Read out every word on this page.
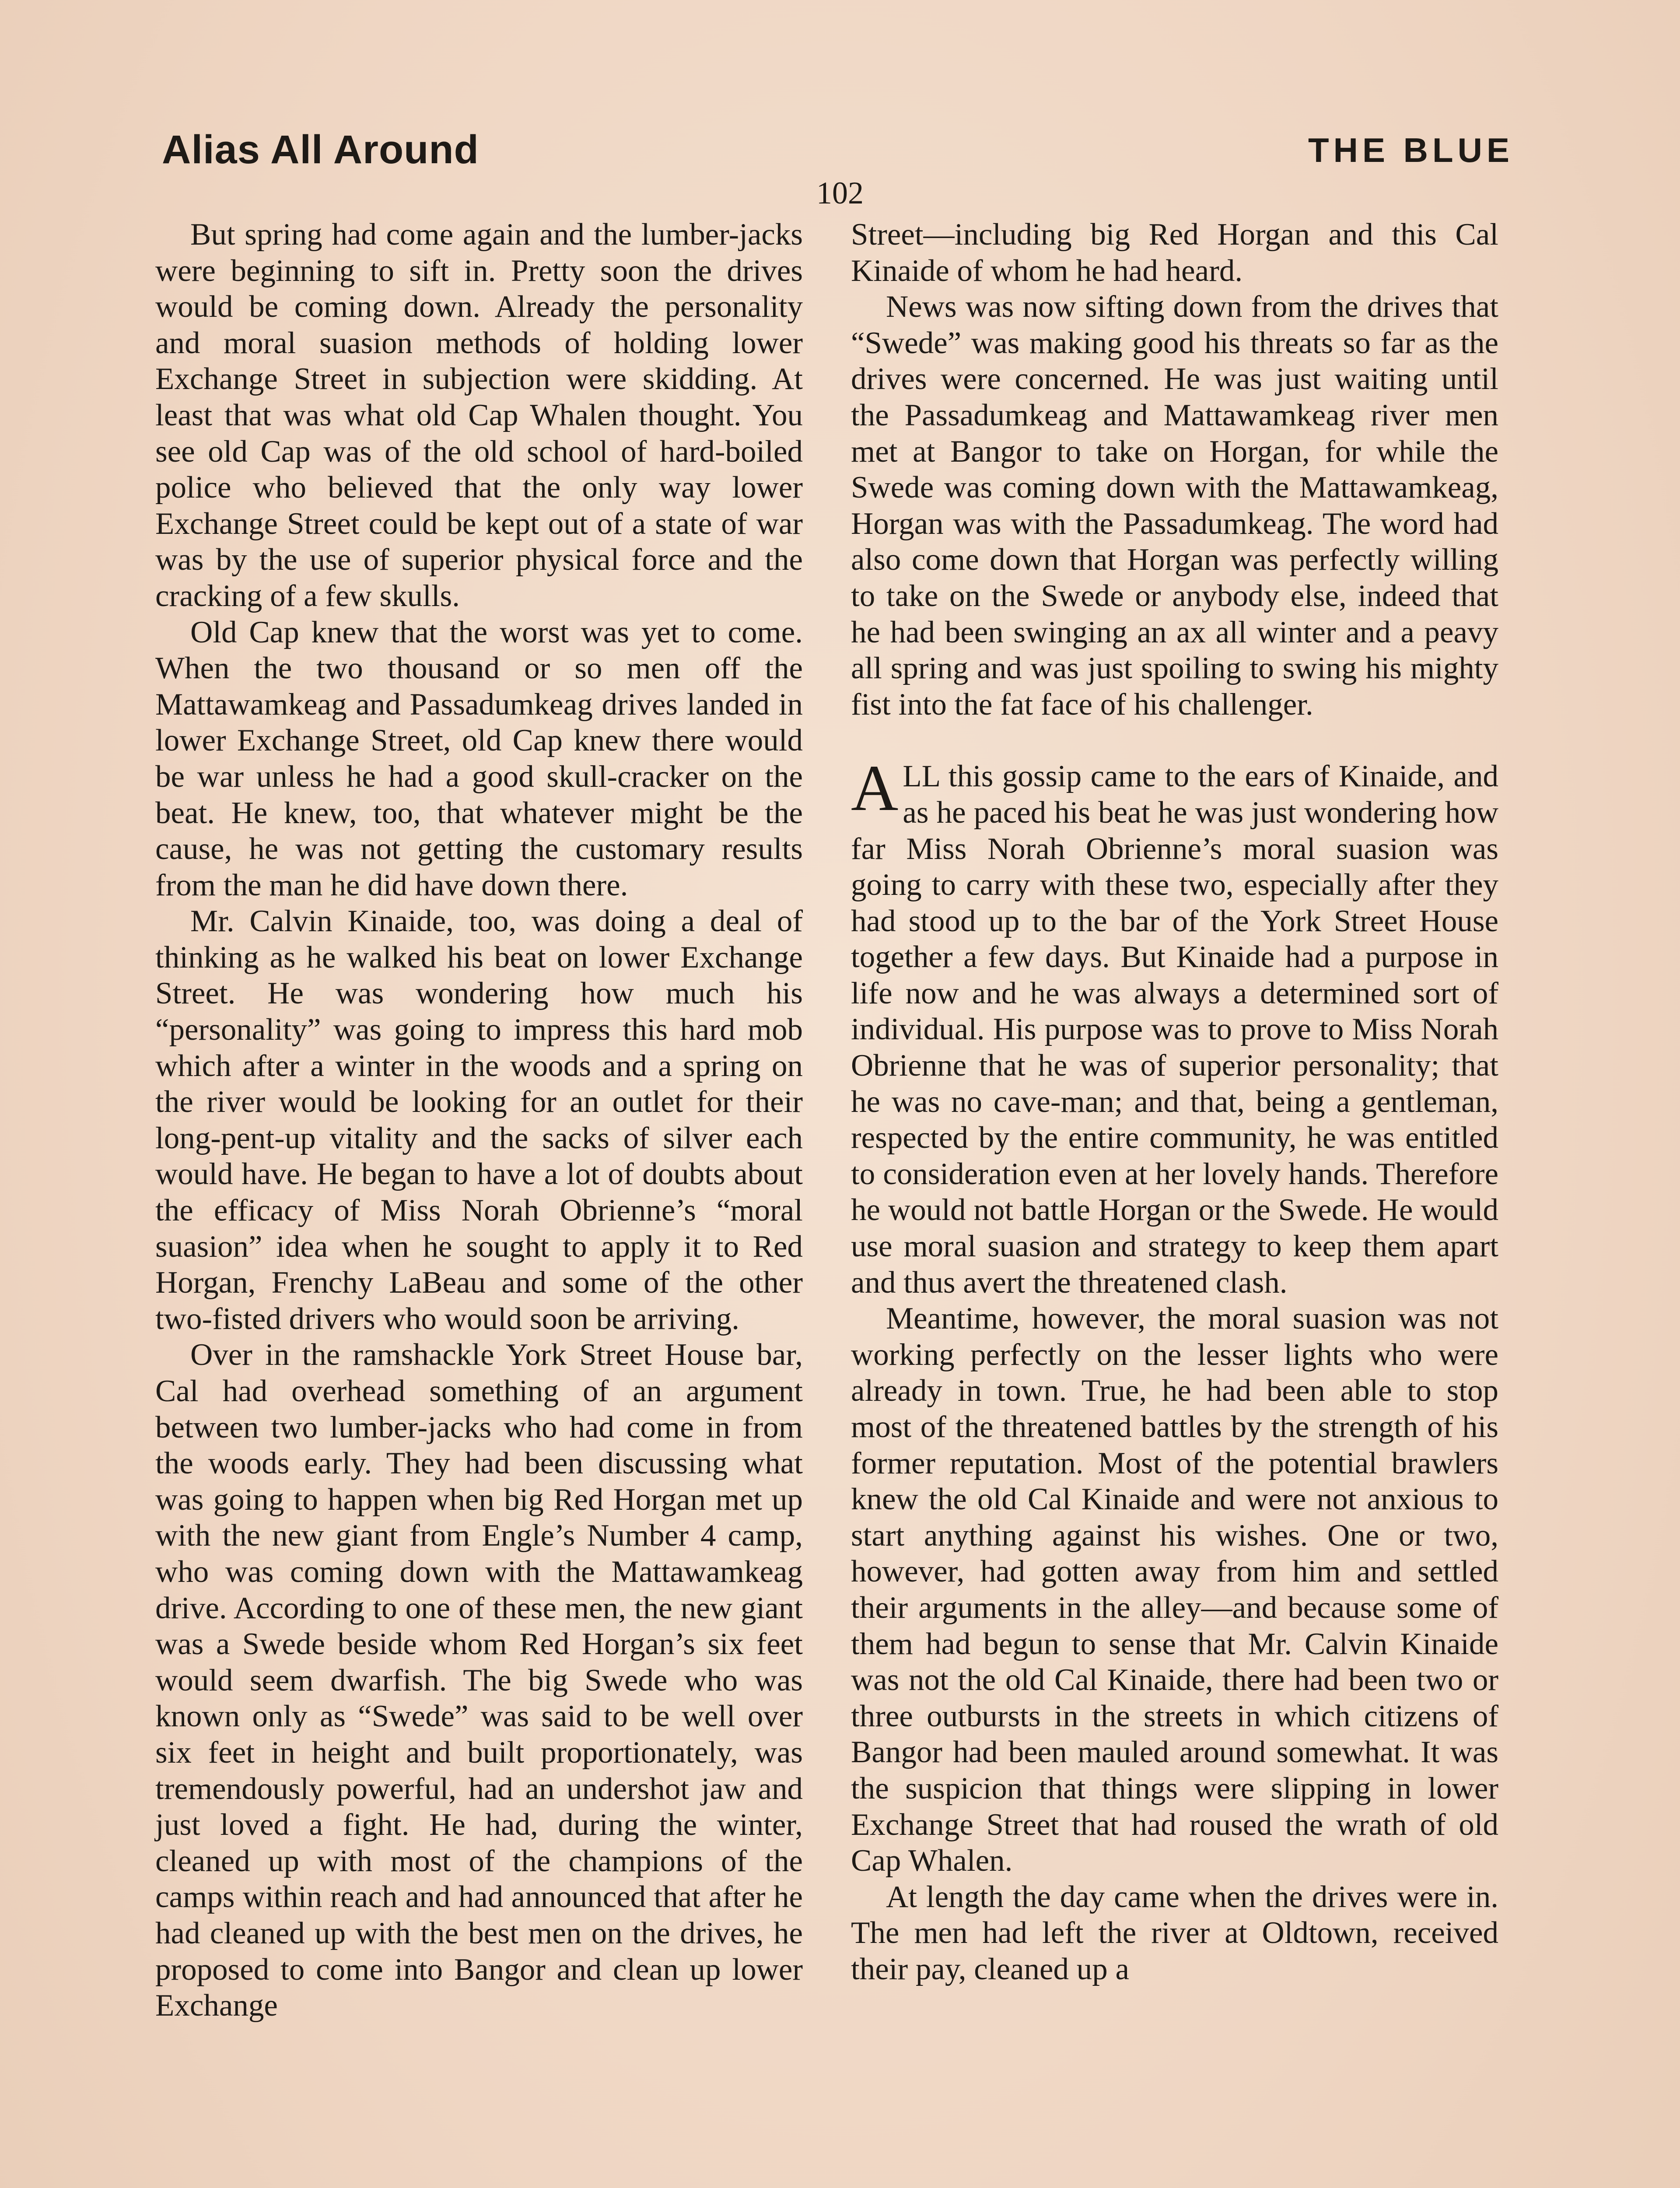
Alias All Around	THE BLUE
102

But spring had come again and the lumber-jacks were beginning to sift in. Pretty soon the drives would be coming down. Already the personality and moral suasion methods of holding lower Exchange Street in subjection were skidding. At least that was what old Cap Whalen thought. You see old Cap was of the old school of hard-boiled police who believed that the only way lower Exchange Street could be kept out of a state of war was by the use of superior physical force and the cracking of a few skulls.

Old Cap knew that the worst was yet to come. When the two thousand or so men off the Mattawamkeag and Passadumkeag drives landed in lower Exchange Street, old Cap knew there would be war unless he had a good skull-cracker on the beat. He knew, too, that whatever might be the cause, he was not getting the customary results from the man he did have down there.

Mr. Calvin Kinaide, too, was doing a deal of thinking as he walked his beat on lower Exchange Street. He was wondering how much his “personality” was going to impress this hard mob which after a winter in the woods and a spring on the river would be looking for an outlet for their long-pent-up vitality and the sacks of silver each would have. He began to have a lot of doubts about the efficacy of Miss Norah Obrienne’s “moral suasion” idea when he sought to apply it to Red Horgan, Frenchy LaBeau and some of the other two-fisted drivers who would soon be arriving.

Over in the ramshackle York Street House bar, Cal had overhead something of an argument between two lumber-jacks who had come in from the woods early. They had been discussing what was going to happen when big Red Horgan met up with the new giant from Engle’s Number 4 camp, who was coming down with the Mattawamkeag drive. According to one of these men, the new giant was a Swede beside whom Red Horgan’s six feet would seem dwarfish. The big Swede who was known only as “Swede” was said to be well over six feet in height and built proportionately, was tremendously powerful, had an undershot jaw and just loved a fight. He had, during the winter, cleaned up with most of the champions of the camps within reach and had announced that after he had cleaned up with the best men on the drives, he proposed to come into Bangor and clean up lower Exchange

Street—including big Red Horgan and this Cal Kinaide of whom he had heard.

News was now sifting down from the drives that “Swede” was making good his threats so far as the drives were concerned. He was just waiting until the Passadumkeag and Mattawamkeag river men met at Bangor to take on Horgan, for while the Swede was coming down with the Mattawamkeag, Horgan was with the Passadumkeag. The word had also come down that Horgan was perfectly willing to take on the Swede or anybody else, indeed that he had been swinging an ax all winter and a peavy all spring and was just spoiling to swing his mighty fist into the fat face of his challenger.

ALL this gossip came to the ears of Kinaide, and as he paced his beat he was just wondering how far Miss Norah Obrienne’s moral suasion was going to carry with these two, especially after they had stood up to the bar of the York Street House together a few days. But Kinaide had a purpose in life now and he was always a determined sort of individual. His purpose was to prove to Miss Norah Obrienne that he was of superior personality; that he was no cave-man; and that, being a gentleman, respected by the entire community, he was entitled to consideration even at her lovely hands. Therefore he would not battle Horgan or the Swede. He would use moral suasion and strategy to keep them apart and thus avert the threatened clash.

Meantime, however, the moral suasion was not working perfectly on the lesser lights who were already in town. True, he had been able to stop most of the threatened battles by the strength of his former reputation. Most of the potential brawlers knew the old Cal Kinaide and were not anxious to start anything against his wishes. One or two, however, had gotten away from him and settled their arguments in the alley—and because some of them had begun to sense that Mr. Calvin Kinaide was not the old Cal Kinaide, there had been two or three outbursts in the streets in which citizens of Bangor had been mauled around somewhat. It was the suspicion that things were slipping in lower Exchange Street that had roused the wrath of old Cap Whalen.

At length the day came when the drives were in. The men had left the river at Oldtown, received their pay, cleaned up a
